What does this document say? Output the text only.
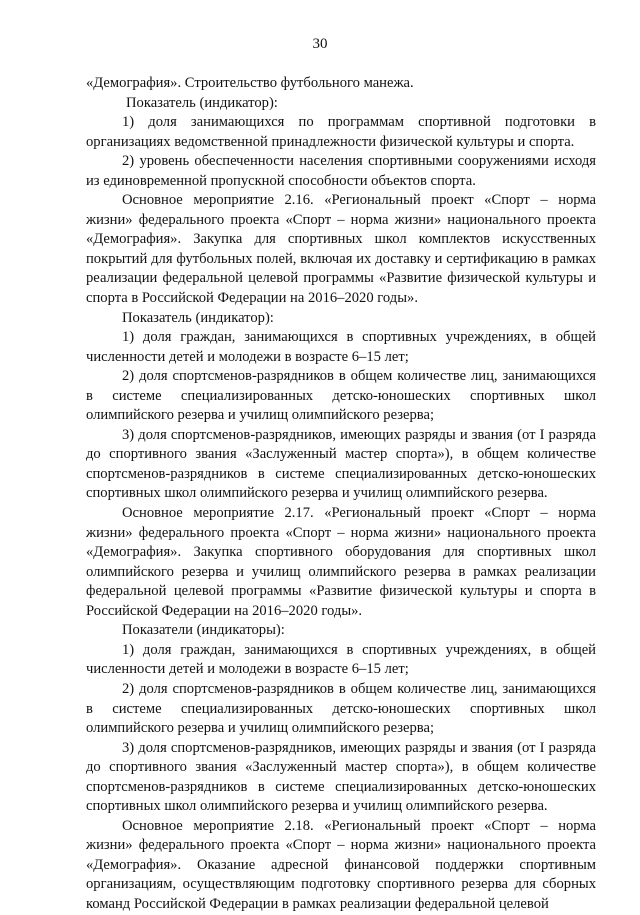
30

«Демография». Строительство футбольного манежа.

Показатель (индикатор):

1) доля занимающихся по программам спортивной подготовки в организациях ведомственной принадлежности физической культуры и спорта.

2) уровень обеспеченности населения спортивными сооружениями исходя из единовременной пропускной способности объектов спорта.

Основное мероприятие 2.16. «Региональный проект «Спорт – норма жизни» федерального проекта «Спорт – норма жизни» национального проекта «Демография». Закупка для спортивных школ комплектов искусственных покрытий для футбольных полей, включая их доставку и сертификацию в рамках реализации федеральной целевой программы «Развитие физической культуры и спорта в Российской Федерации на 2016–2020 годы».

Показатель (индикатор):

1) доля граждан, занимающихся в спортивных учреждениях, в общей численности детей и молодежи в возрасте 6–15 лет;

2) доля спортсменов-разрядников в общем количестве лиц, занимающихся в системе специализированных детско-юношеских спортивных школ олимпийского резерва и училищ олимпийского резерва;

3) доля спортсменов-разрядников, имеющих разряды и звания (от I разряда до спортивного звания «Заслуженный мастер спорта»), в общем количестве спортсменов-разрядников в системе специализированных детско-юношеских спортивных школ олимпийского резерва и училищ олимпийского резерва.

Основное мероприятие 2.17. «Региональный проект «Спорт – норма жизни» федерального проекта «Спорт – норма жизни» национального проекта «Демография». Закупка спортивного оборудования для спортивных школ олимпийского резерва и училищ олимпийского резерва в рамках реализации федеральной целевой программы «Развитие физической культуры и спорта в Российской Федерации на 2016–2020 годы».

Показатели (индикаторы):

1) доля граждан, занимающихся в спортивных учреждениях, в общей численности детей и молодежи в возрасте 6–15 лет;

2) доля спортсменов-разрядников в общем количестве лиц, занимающихся в системе специализированных детско-юношеских спортивных школ олимпийского резерва и училищ олимпийского резерва;

3) доля спортсменов-разрядников, имеющих разряды и звания (от I разряда до спортивного звания «Заслуженный мастер спорта»), в общем количестве спортсменов-разрядников в системе специализированных детско-юношеских спортивных школ олимпийского резерва и училищ олимпийского резерва.

Основное мероприятие 2.18. «Региональный проект «Спорт – норма жизни» федерального проекта «Спорт – норма жизни» национального проекта «Демография». Оказание адресной финансовой поддержки спортивным организациям, осуществляющим подготовку спортивного резерва для сборных команд Российской Федерации в рамках реализации федеральной целевой
